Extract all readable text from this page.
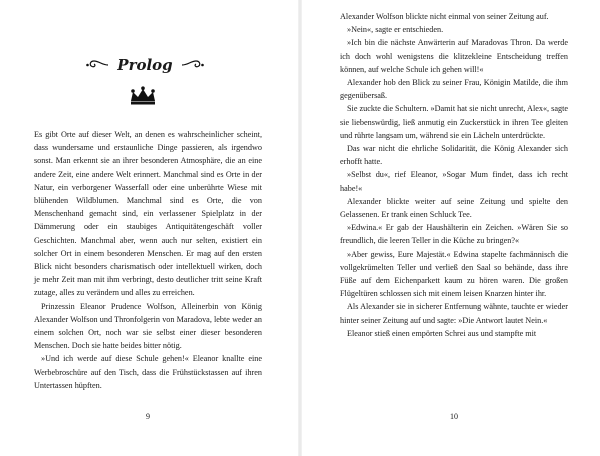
Prolog

Es gibt Orte auf dieser Welt, an denen es wahrscheinlicher scheint, dass wundersame und erstaunliche Dinge passieren, als irgendwo sonst. Man erkennt sie an ihrer besonderen Atmosphäre, die an eine andere Zeit, eine andere Welt erinnert. Manchmal sind es Orte in der Natur, ein verborgener Wasserfall oder eine unberührte Wiese mit blühenden Wildblumen. Manchmal sind es Orte, die von Menschenhand gemacht sind, ein verlassener Spielplatz in der Dämmerung oder ein staubiges Antiquitätengeschäft voller Geschichten. Manchmal aber, wenn auch nur selten, existiert ein solcher Ort in einem besonderen Menschen. Er mag auf den ersten Blick nicht besonders charismatisch oder intellektuell wirken, doch je mehr Zeit man mit ihm verbringt, desto deutlicher tritt seine Kraft zutage, alles zu verändern und alles zu erreichen.

Prinzessin Eleanor Prudence Wolfson, Alleinerbin von König Alexander Wolfson und Thronfolgerin von Maradova, lebte weder an einem solchen Ort, noch war sie selbst einer dieser besonderen Menschen. Doch sie hatte beides bitter nötig.

»Und ich werde auf diese Schule gehen!« Eleanor knallte eine Werbebroschüre auf den Tisch, dass die Frühstückstassen auf ihren Untertassen hüpften.

9

Alexander Wolfson blickte nicht einmal von seiner Zeitung auf.

»Nein«, sagte er entschieden.

»Ich bin die nächste Anwärterin auf Maradovas Thron. Da werde ich doch wohl wenigstens die klitzekleine Entscheidung treffen können, auf welche Schule ich gehen will!«

Alexander hob den Blick zu seiner Frau, Königin Matilde, die ihm gegenübersaß.

Sie zuckte die Schultern. »Damit hat sie nicht unrecht, Alex«, sagte sie liebenswürdig, ließ anmutig ein Zuckerstück in ihren Tee gleiten und rührte langsam um, während sie ein Lächeln unterdrückte.

Das war nicht die ehrliche Solidarität, die König Alexander sich erhofft hatte.

»Selbst du«, rief Eleanor, »Sogar Mum findet, dass ich recht habe!«

Alexander blickte weiter auf seine Zeitung und spielte den Gelassenen. Er trank einen Schluck Tee.

»Edwina.« Er gab der Haushälterin ein Zeichen. »Wären Sie so freundlich, die leeren Teller in die Küche zu bringen?«

»Aber gewiss, Eure Majestät.« Edwina stapelte fachmännisch die vollgekrümelten Teller und verließ den Saal so behände, dass ihre Füße auf dem Eichenparkett kaum zu hören waren. Die großen Flügeltüren schlossen sich mit einem leisen Knarzen hinter ihr.

Als Alexander sie in sicherer Entfernung wähnte, tauchte er wieder hinter seiner Zeitung auf und sagte: »Die Antwort lautet Nein.«

Eleanor stieß einen empörten Schrei aus und stampfte mit

10
